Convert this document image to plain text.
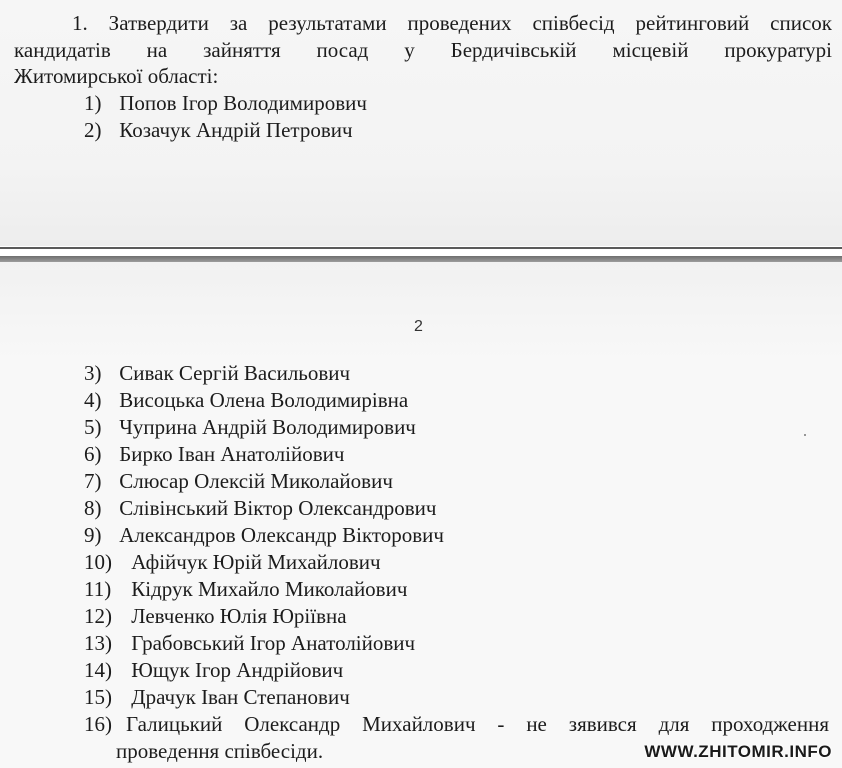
1. Затвердити за результатами проведених співбесід рейтинговий список
кандидатів на зайняття посад у Бердичівській місцевій прокуратурі
Житомирської області:
1) Попов Ігор Володимирович
2) Козачук Андрій Петрович
2
3) Сивак Сергій Васильович
4) Висоцька Олена Володимирівна
5) Чуприна Андрій Володимирович
6) Бирко Іван Анатолійович
7) Слюсар Олексій Миколайович
8) Слівінський Віктор Олександрович
9) Александров Олександр Вікторович
10) Афійчук Юрій Михайлович
11) Кідрук Михайло Миколайович
12) Левченко Юлія Юріївна
13) Грабовський Ігор Анатолійович
14) Ющук Ігор Андрійович
15) Драчук Іван Степанович
16) Галицький Олександр Михайлович - не зявився для проходження
проведення співбесіди.	WWW.ZHITOMIR.INFO
